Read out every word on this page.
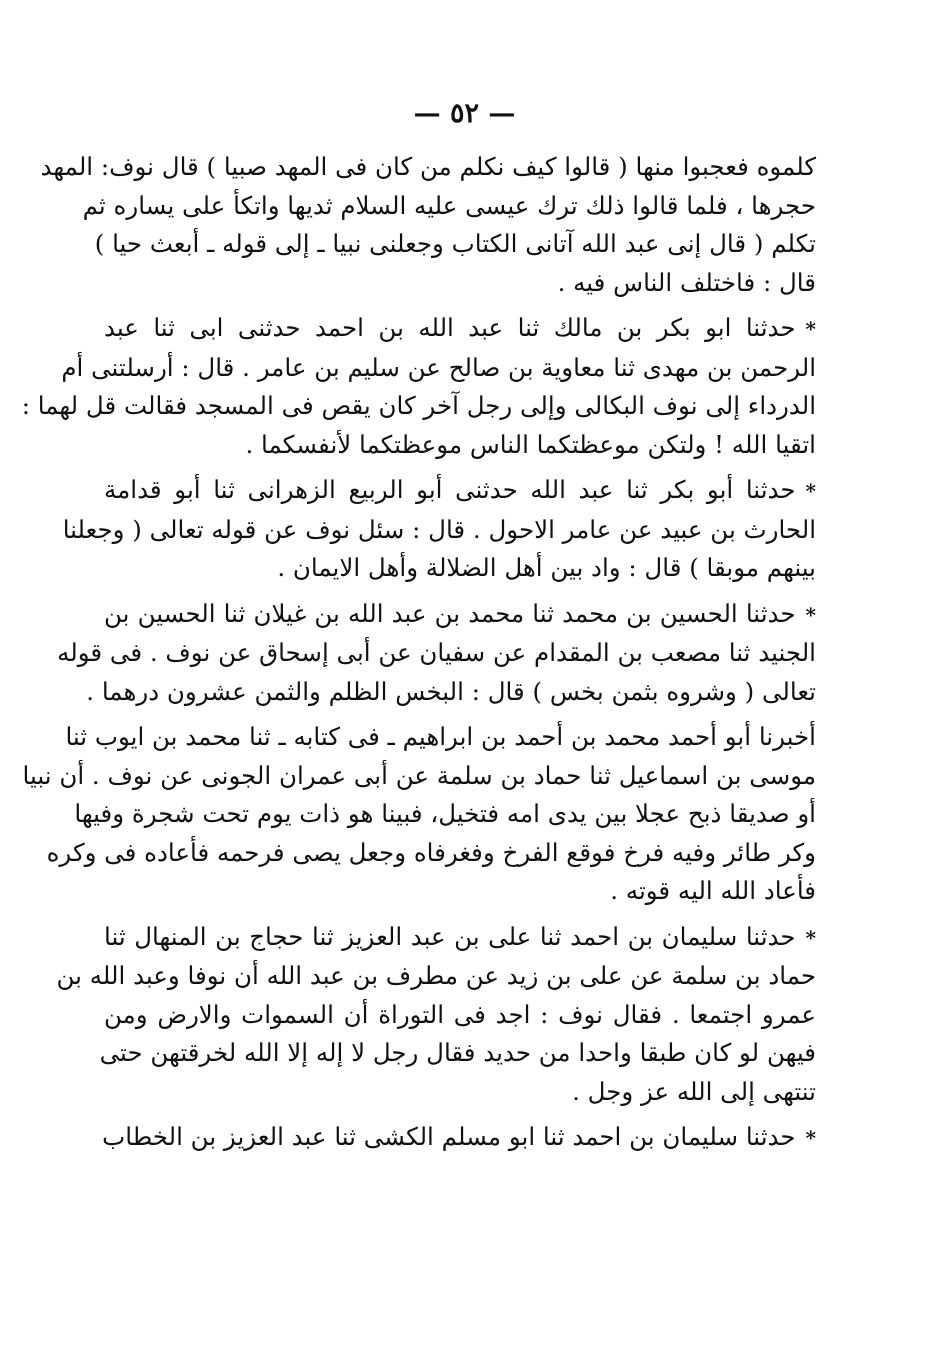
— ٥٢ —
كلموه فعجبوا منها ( قالوا كيف نكلم من كان فى المهد صبيا ) قال نوف: المهد
حجرها ، فلما قالوا ذلك ترك عيسى عليه السلام ثديها واتكأ على يساره ثم
تكلم ( قال إنى عبد الله آتانى الكتاب وجعلنى نبيا ـ إلى قوله ـ أبعث حيا )
قال : فاختلف الناس فيه .
*حدثنا ابو بكر بن مالك ثنا عبد الله بن احمد حدثنى ابى ثنا عبد
الرحمن بن مهدى ثنا معاوية بن صالح عن سليم بن عامر . قال : أرسلتنى أم
الدرداء إلى نوف البكالى وإلى رجل آخر كان يقص فى المسجد فقالت قل لهما :
اتقيا الله ! ولتكن موعظتكما الناس موعظتكما لأنفسكما .
*حدثنا أبو بكر ثنا عبد الله حدثنى أبو الربيع الزهرانى ثنا أبو قدامة
الحارث بن عبيد عن عامر الاحول . قال : سئل نوف عن قوله تعالى ( وجعلنا
بينهم موبقا ) قال : واد بين أهل الضلالة وأهل الايمان .
*حدثنا الحسين بن محمد ثنا محمد بن عبد الله بن غيلان ثنا الحسين بن
الجنيد ثنا مصعب بن المقدام عن سفيان عن أبى إسحاق عن نوف . فى قوله
تعالى ( وشروه بثمن بخس ) قال : البخس الظلم والثمن عشرون درهما .
أخبرنا أبو أحمد محمد بن أحمد بن ابراهيم ـ فى كتابه ـ ثنا محمد بن ايوب ثنا
موسى بن اسماعيل ثنا حماد بن سلمة عن أبى عمران الجونى عن نوف . أن نبيا
أو صديقا ذبح عجلا بين يدى امه فتخيل، فبينا هو ذات يوم تحت شجرة وفيها
وكر طائر وفيه فرخ فوقع الفرخ وفغرفاه وجعل يصى فرحمه فأعاده فى وكره
فأعاد الله اليه قوته .
*حدثنا سليمان بن احمد ثنا على بن عبد العزيز ثنا حجاج بن المنهال ثنا
حماد بن سلمة عن على بن زيد عن مطرف بن عبد الله أن نوفا وعبد الله بن
عمرو اجتمعا . فقال نوف : اجد فى التوراة أن السموات والارض ومن
فيهن لو كان طبقا واحدا من حديد فقال رجل لا إله إلا الله لخرقتهن حتى
تنتهى إلى الله عز وجل .
*حدثنا سليمان بن احمد ثنا ابو مسلم الكشى ثنا عبد العزيز بن الخطاب
